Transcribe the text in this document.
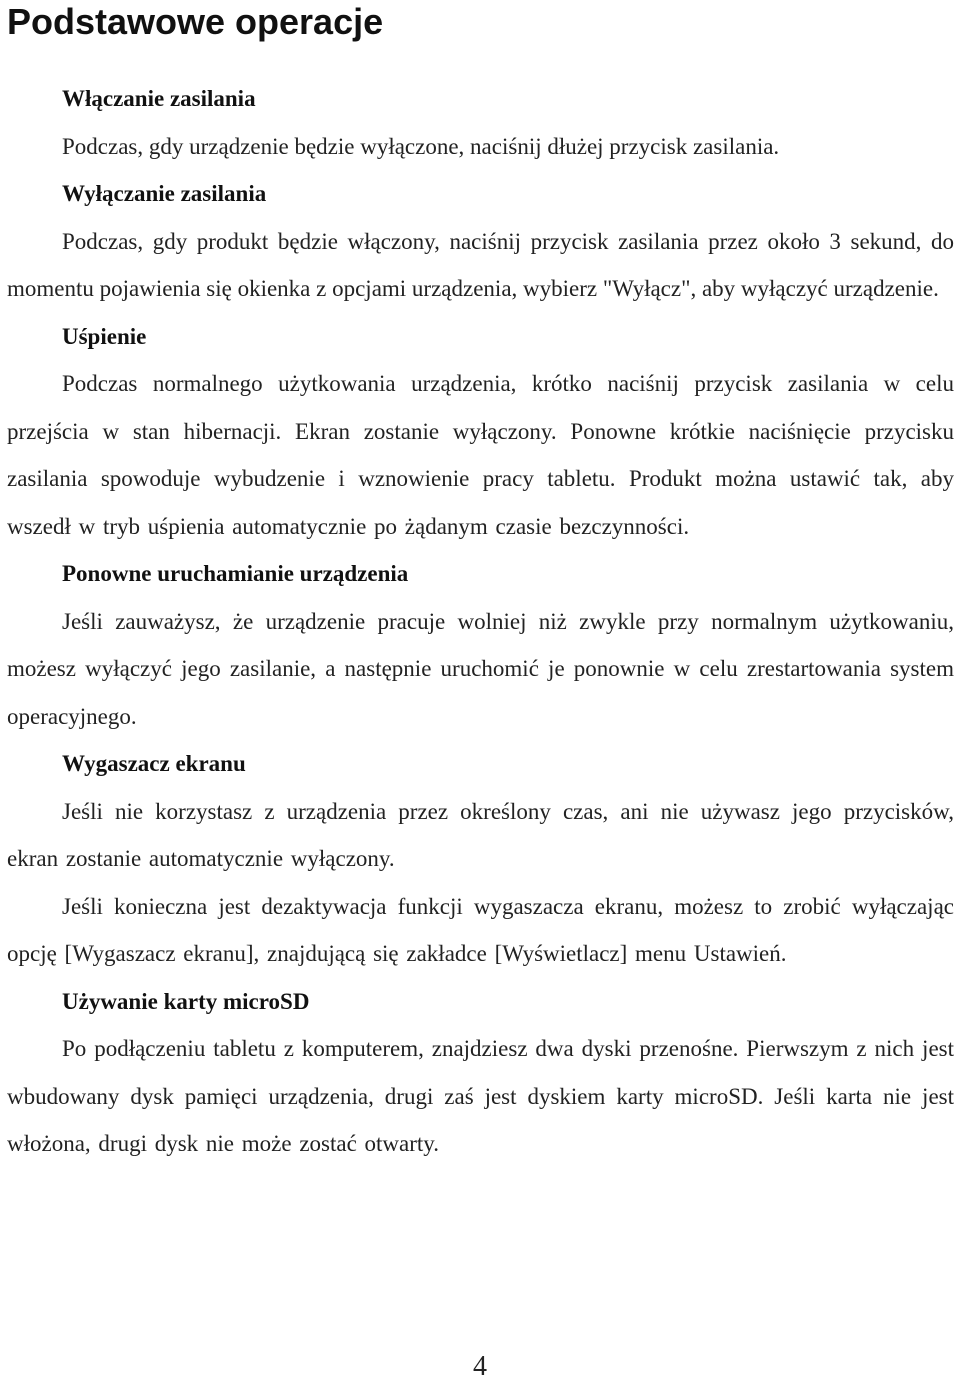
Podstawowe operacje
Włączanie zasilania

Podczas, gdy urządzenie będzie wyłączone, naciśnij dłużej przycisk zasilania.

Wyłączanie zasilania

Podczas, gdy produkt będzie włączony, naciśnij przycisk zasilania przez około 3 sekund, do momentu pojawienia się okienka z opcjami urządzenia, wybierz "Wyłącz", aby wyłączyć urządzenie.

Uśpienie

Podczas normalnego użytkowania urządzenia, krótko naciśnij przycisk zasilania w celu przejścia w stan hibernacji. Ekran zostanie wyłączony. Ponowne krótkie naciśnięcie przycisku zasilania spowoduje wybudzenie i wznowienie pracy tabletu. Produkt można ustawić tak, aby wszedł w tryb uśpienia automatycznie po żądanym czasie bezczynności.

Ponowne uruchamianie urządzenia

Jeśli zauważysz, że urządzenie pracuje wolniej niż zwykle przy normalnym użytkowaniu, możesz wyłączyć jego zasilanie, a następnie uruchomić je ponownie w celu zrestartowania system operacyjnego.

Wygaszacz ekranu

Jeśli nie korzystasz z urządzenia przez określony czas, ani nie używasz jego przycisków, ekran zostanie automatycznie wyłączony.

Jeśli konieczna jest dezaktywacja funkcji wygaszacza ekranu, możesz to zrobić wyłączając opcję [Wygaszacz ekranu], znajdującą się zakładce [Wyświetlacz] menu Ustawień.

Używanie karty microSD

Po podłączeniu tabletu z komputerem, znajdziesz dwa dyski przenośne. Pierwszym z nich jest wbudowany dysk pamięci urządzenia, drugi zaś jest dyskiem karty microSD. Jeśli karta nie jest włożona, drugi dysk nie może zostać otwarty.

4
